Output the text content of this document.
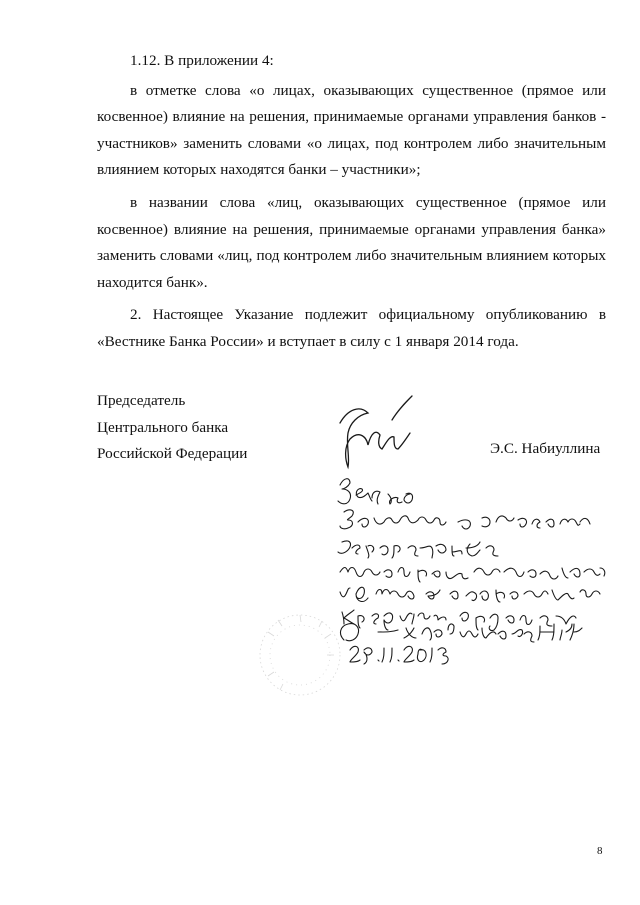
1.12. В приложении 4:

в отметке слова «о лицах, оказывающих существенное (прямое или косвенное) влияние на решения, принимаемые органами управления банков - участников» заменить словами «о лицах, под контролем либо значительным влиянием которых находятся банки – участники»;

в названии слова «лиц, оказывающих существенное (прямое или косвенное) влияние на решения, принимаемые органами управления банка» заменить словами «лиц, под контролем либо значительным влиянием которых находится банк».

2. Настоящее Указание подлежит официальному опубликованию в «Вестнике Банка России» и вступает в силу с 1 января 2014 года.

Председатель
Центрального банка
Российской Федерации	Э.С. Набиуллина
8
